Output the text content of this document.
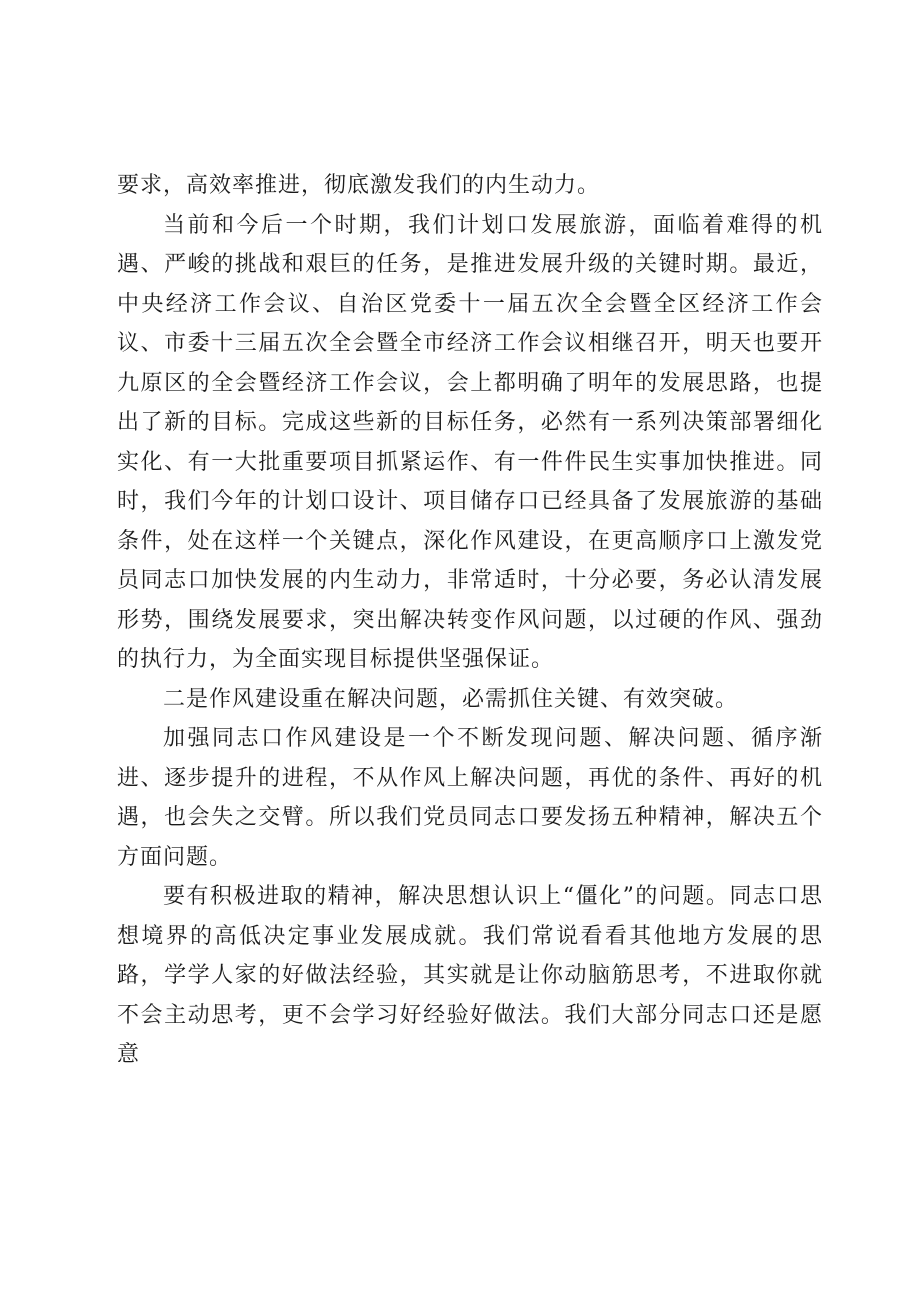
要求，高效率推进，彻底激发我们的内生动力。

当前和今后一个时期，我们计划口发展旅游，面临着难得的机遇、严峻的挑战和艰巨的任务，是推进发展升级的关键时期。最近，中央经济工作会议、自治区党委十一届五次全会暨全区经济工作会议、市委十三届五次全会暨全市经济工作会议相继召开，明天也要开九原区的全会暨经济工作会议，会上都明确了明年的发展思路，也提出了新的目标。完成这些新的目标任务，必然有一系列决策部署细化实化、有一大批重要项目抓紧运作、有一件件民生实事加快推进。同时，我们今年的计划口设计、项目储存口已经具备了发展旅游的基础条件，处在这样一个关键点，深化作风建设，在更高顺序口上激发党员同志口加快发展的内生动力，非常适时，十分必要，务必认清发展形势，围绕发展要求，突出解决转变作风问题，以过硬的作风、强劲的执行力，为全面实现目标提供坚强保证。

二是作风建设重在解决问题，必需抓住关键、有效突破。

加强同志口作风建设是一个不断发现问题、解决问题、循序渐进、逐步提升的进程，不从作风上解决问题，再优的条件、再好的机遇，也会失之交臂。所以我们党员同志口要发扬五种精神，解决五个方面问题。

要有积极进取的精神，解决思想认识上“僵化”的问题。同志口思想境界的高低决定事业发展成就。我们常说看看其他地方发展的思路，学学人家的好做法经验，其实就是让你动脑筋思考，不进取你就不会主动思考，更不会学习好经验好做法。我们大部分同志口还是愿意
